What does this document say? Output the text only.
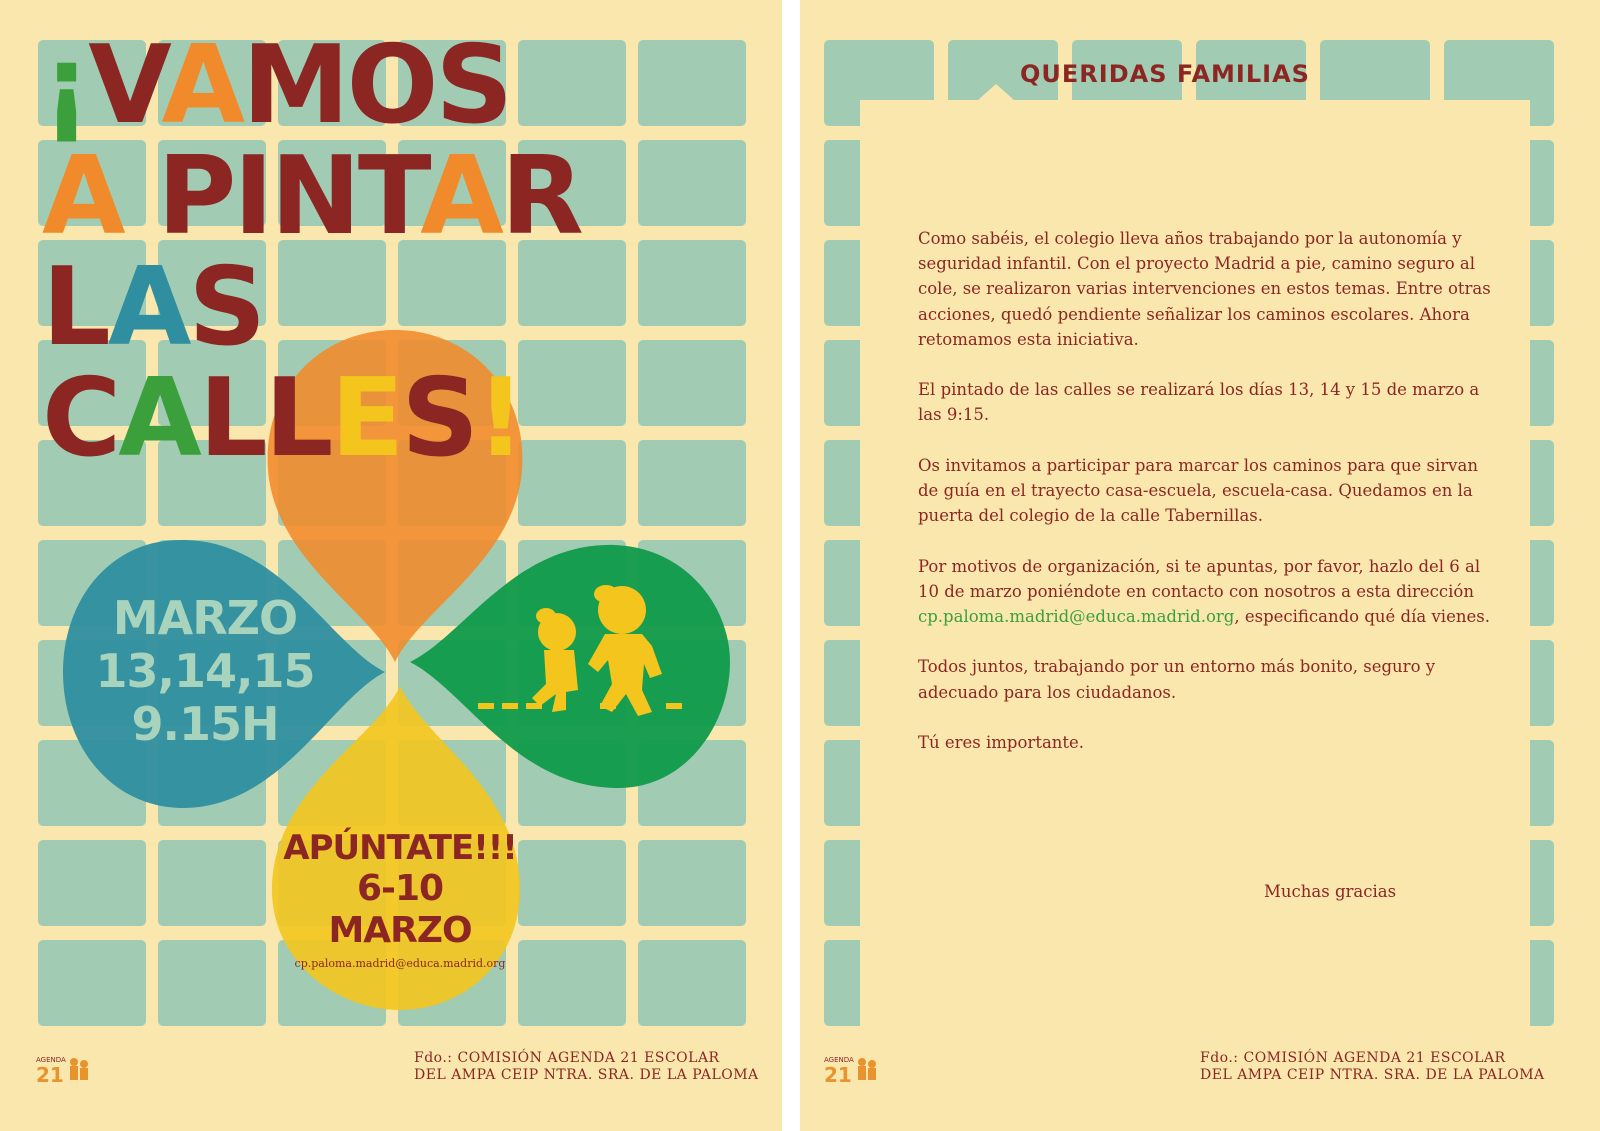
¡VAMOS
A PINTAR
LAS
CALLES!
MARZO
13,14,15
9.15H
APÚNTATE!!!
6-10 MARZO
cp.paloma.madrid@educa.madrid.org
AGENDA
21
Fdo.: COMISIÓN AGENDA 21 ESCOLAR
DEL AMPA CEIP NTRA. SRA. DE LA PALOMA
QUERIDAS FAMILIAS

Como sabéis, el colegio lleva años trabajando por la autonomía y seguridad infantil. Con el proyecto Madrid a pie, camino seguro al cole, se realizaron varias intervenciones en estos temas. Entre otras acciones, quedó pendiente señalizar los caminos escolares. Ahora retomamos esta iniciativa.

El pintado de las calles se realizará los días 13, 14 y 15 de marzo a las 9:15.

Os invitamos a participar para marcar los caminos para que sirvan de guía en el trayecto casa-escuela, escuela-casa. Quedamos en la puerta del colegio de la calle Tabernillas.

Por motivos de organización, si te apuntas, por favor, hazlo del 6 al 10 de marzo poniéndote en contacto con nosotros a esta dirección cp.paloma.madrid@educa.madrid.org, especificando qué día vienes.

Todos juntos, trabajando por un entorno más bonito, seguro y adecuado para los ciudadanos.

Tú eres importante.

Muchas gracias
AGENDA
21
Fdo.: COMISIÓN AGENDA 21 ESCOLAR
DEL AMPA CEIP NTRA. SRA. DE LA PALOMA
